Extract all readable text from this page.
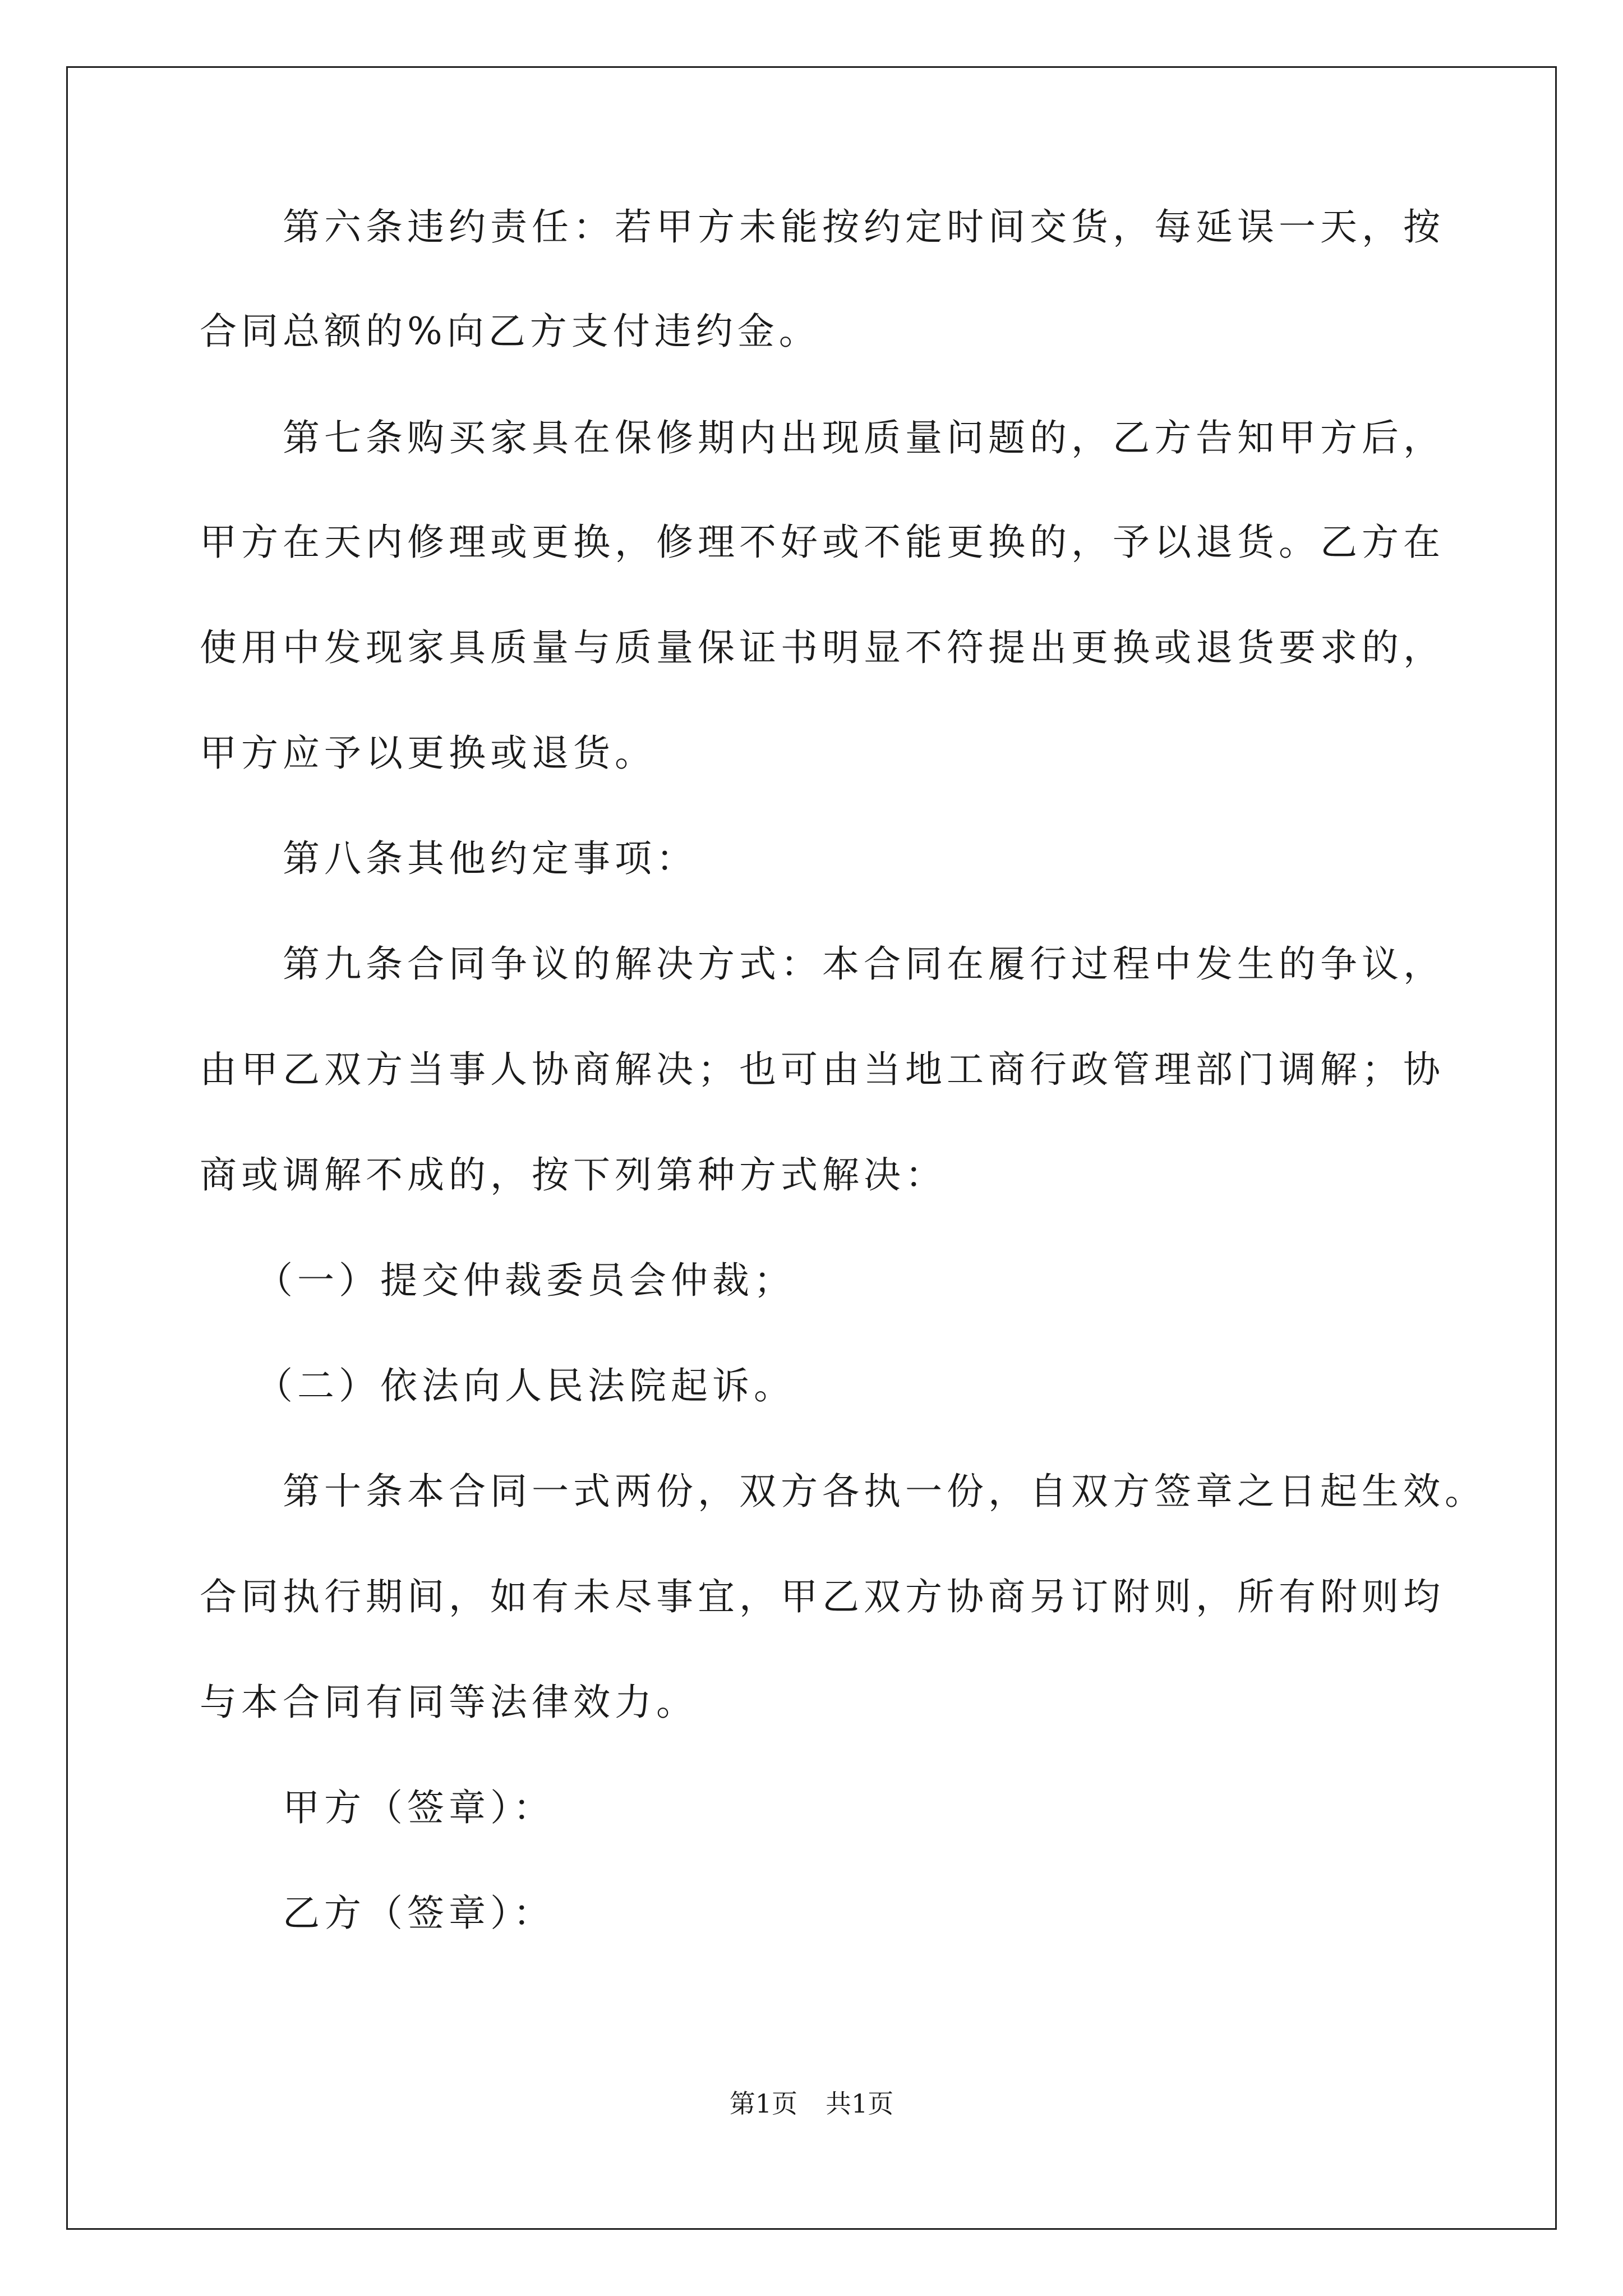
第六条违约责任：若甲方未能按约定时间交货，每延误一天，按
合同总额的%向乙方支付违约金。
第七条购买家具在保修期内出现质量问题的，乙方告知甲方后，
甲方在天内修理或更换，修理不好或不能更换的，予以退货。乙方在
使用中发现家具质量与质量保证书明显不符提出更换或退货要求的，
甲方应予以更换或退货。
第八条其他约定事项：
第九条合同争议的解决方式：本合同在履行过程中发生的争议，
由甲乙双方当事人协商解决；也可由当地工商行政管理部门调解；协
商或调解不成的，按下列第种方式解决：
（一）提交仲裁委员会仲裁；
（二）依法向人民法院起诉。
第十条本合同一式两份，双方各执一份，自双方签章之日起生效。
合同执行期间，如有未尽事宜，甲乙双方协商另订附则，所有附则均
与本合同有同等法律效力。
甲方（签章）：
乙方（签章）：
第1页 共1页
